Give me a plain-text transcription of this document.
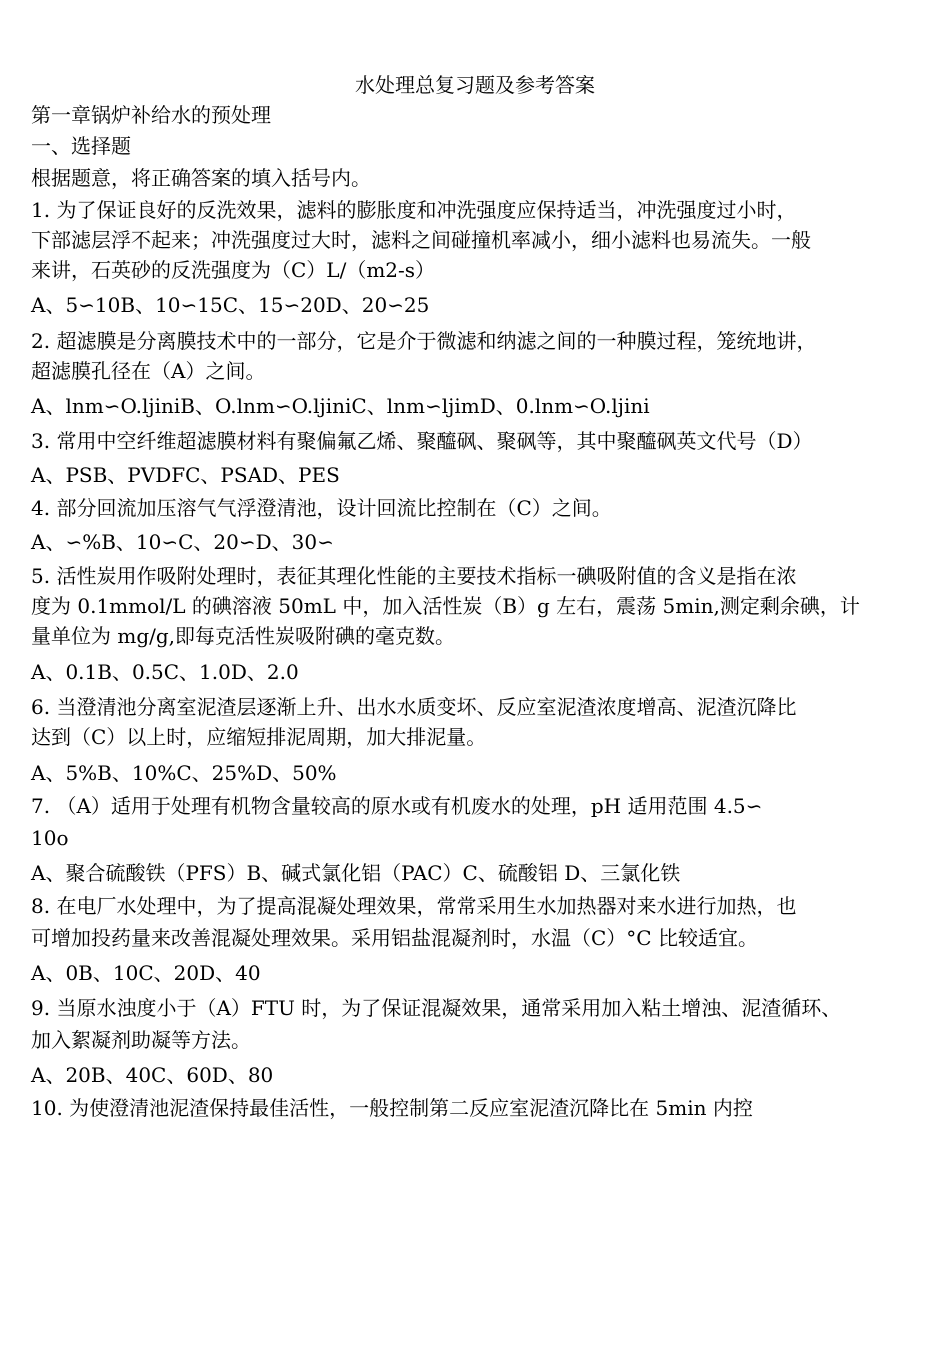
水处理总复习题及参考答案
第一章锅炉补给水的预处理
一、选择题
根据题意，将正确答案的填入括号内。
1. 为了保证良好的反洗效果，滤料的膨胀度和冲洗强度应保持适当，冲洗强度过小时，
下部滤层浮不起来；冲洗强度过大时，滤料之间碰撞机率减小，细小滤料也易流失。一般
来讲，石英砂的反洗强度为（C）L/（m2-s）
A、5∽10B、10∽15C、15∽20D、20∽25
2. 超滤膜是分离膜技术中的一部分，它是介于微滤和纳滤之间的一种膜过程，笼统地讲，
超滤膜孔径在（A）之间。
A、lnm∽O.ljiniB、O.lnm∽O.ljiniC、lnm∽ljimD、0.lnm∽O.ljini
3. 常用中空纤维超滤膜材料有聚偏氟乙烯、聚醯砜、聚砜等，其中聚醯砜英文代号（D）
A、PSB、PVDFC、PSAD、PES
4. 部分回流加压溶气气浮澄清池，设计回流比控制在（C）之间。
A、∽%B、10∽C、20∽D、30∽
5. 活性炭用作吸附处理时，表征其理化性能的主要技术指标一碘吸附值的含义是指在浓
度为 0.1mmol/L 的碘溶液 50mL 中，加入活性炭（B）g 左右，震荡 5min,测定剩余碘，计
量单位为 mg/g,即每克活性炭吸附碘的毫克数。
A、0.1B、0.5C、1.0D、2.0
6. 当澄清池分离室泥渣层逐渐上升、出水水质变坏、反应室泥渣浓度增高、泥渣沉降比
达到（C）以上时，应缩短排泥周期，加大排泥量。
A、5%B、10%C、25%D、50%
7. （A）适用于处理有机物含量较高的原水或有机废水的处理，pH 适用范围 4.5∽
10o
A、聚合硫酸铁（PFS）B、碱式氯化铝（PAC）C、硫酸铝 D、三氯化铁
8. 在电厂水处理中，为了提高混凝处理效果，常常采用生水加热器对来水进行加热，也
可增加投药量来改善混凝处理效果。采用铝盐混凝剂时，水温（C）°C 比较适宜。
A、0B、10C、20D、40
9. 当原水浊度小于（A）FTU 时，为了保证混凝效果，通常采用加入粘土增浊、泥渣循环、
加入絮凝剂助凝等方法。
A、20B、40C、60D、80
10. 为使澄清池泥渣保持最佳活性，一般控制第二反应室泥渣沉降比在 5min 内控
